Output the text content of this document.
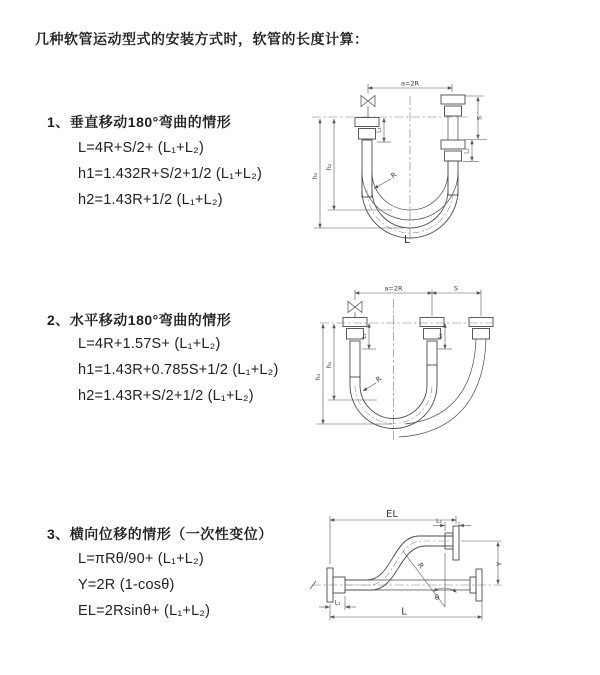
几种软管运动型式的安装方式时，软管的长度计算：
1、垂直移动180°弯曲的情形
L=4R+S/2+ (L₁+L₂)
h1=1.432R+S/2+1/2 (L₁+L₂)
h2=1.43R+1/2 (L₁+L₂)
2、水平移动180°弯曲的情形
L=4R+1.57S+ (L₁+L₂)
h1=1.43R+0.785S+1/2 (L₁+L₂)
h2=1.43R+S/2+1/2 (L₁+L₂)
3、横向位移的情形（一次性变位）
L=πRθ/90+ (L₁+L₂)
Y=2R (1-cosθ)
EL=2Rsinθ+ (L₁+L₂)
a=2R
h₁
h₂
L₁
S
L₂
R
L
a=2R	S
h₁
h₂
L₁	L₂
R
EL
L₂
Y
L
L₁
θ
R
